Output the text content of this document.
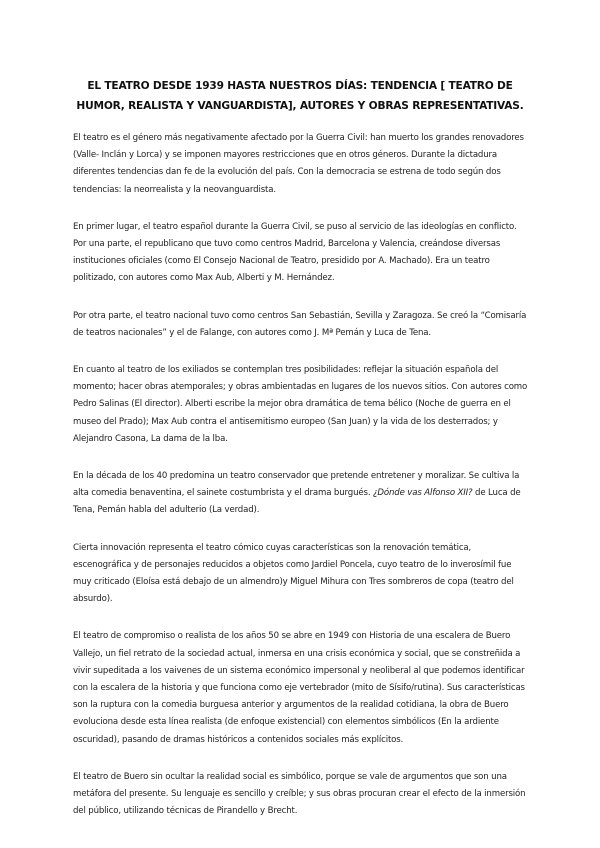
EL TEATRO DESDE 1939 HASTA NUESTROS DÍAS: TENDENCIA [ TEATRO DE HUMOR, REALISTA Y VANGUARDISTA], AUTORES Y OBRAS REPRESENTATIVAS.

El teatro es el género más negativamente afectado por la Guerra Civil: han muerto los grandes renovadores (Valle- Inclán y Lorca) y se imponen mayores restricciones que en otros géneros. Durante la dictadura diferentes tendencias dan fe de la evolución del país. Con la democracia se estrena de todo según dos tendencias: la neorrealista y la neovanguardista.

En primer lugar, el teatro español durante la Guerra Civil, se puso al servicio de las ideologías en conflicto. Por una parte, el republicano que tuvo como centros Madrid, Barcelona y Valencia, creándose diversas instituciones oficiales (como El Consejo Nacional de Teatro, presidido por A. Machado). Era un teatro politizado, con autores como Max Aub, Alberti y M. Hernández.

Por otra parte, el teatro nacional tuvo como centros San Sebastián, Sevilla y Zaragoza. Se creó la “Comisaría de teatros nacionales” y el de Falange, con autores como J. Mª Pemán y Luca de Tena.

En cuanto al teatro de los exiliados se contemplan tres posibilidades: reflejar la situación española del momento; hacer obras atemporales; y obras ambientadas en lugares de los nuevos sitios. Con autores como Pedro Salinas (El director). Alberti escribe la mejor obra dramática de tema bélico (Noche de guerra en el museo del Prado); Max Aub contra el antisemitismo europeo (San Juan) y la vida de los desterrados; y Alejandro Casona, La dama de la lba.

En la década de los 40 predomina un teatro conservador que pretende entretener y moralizar. Se cultiva la alta comedia benaventina, el sainete costumbrista y el drama burgués. ¿Dónde vas Alfonso XII? de Luca de Tena, Pemán habla del adulterio (La verdad).

Cierta innovación representa el teatro cómico cuyas características son la renovación temática, escenográfica y de personajes reducidos a objetos como Jardiel Poncela, cuyo teatro de lo inverosímil fue muy criticado (Eloísa está debajo de un almendro)y Miguel Mihura con Tres sombreros de copa (teatro del absurdo).

El teatro de compromiso o realista de los años 50 se abre en 1949 con Historia de una escalera de Buero Vallejo, un fiel retrato de la sociedad actual, inmersa en una crisis económica y social, que se constreñida a vivir supeditada a los vaivenes de un sistema económico impersonal y neoliberal al que podemos identificar con la escalera de la historia y que funciona como eje vertebrador (mito de Sísifo/rutina). Sus características son la ruptura con la comedia burguesa anterior y argumentos de la realidad cotidiana, la obra de Buero evoluciona desde esta línea realista (de enfoque existencial) con elementos simbólicos (En la ardiente oscuridad), pasando de dramas históricos a contenidos sociales más explícitos.

El teatro de Buero sin ocultar la realidad social es simbólico, porque se vale de argumentos que son una metáfora del presente. Su lenguaje es sencillo y creíble; y sus obras procuran crear el efecto de la inmersión del público, utilizando técnicas de Pirandello y Brecht.
